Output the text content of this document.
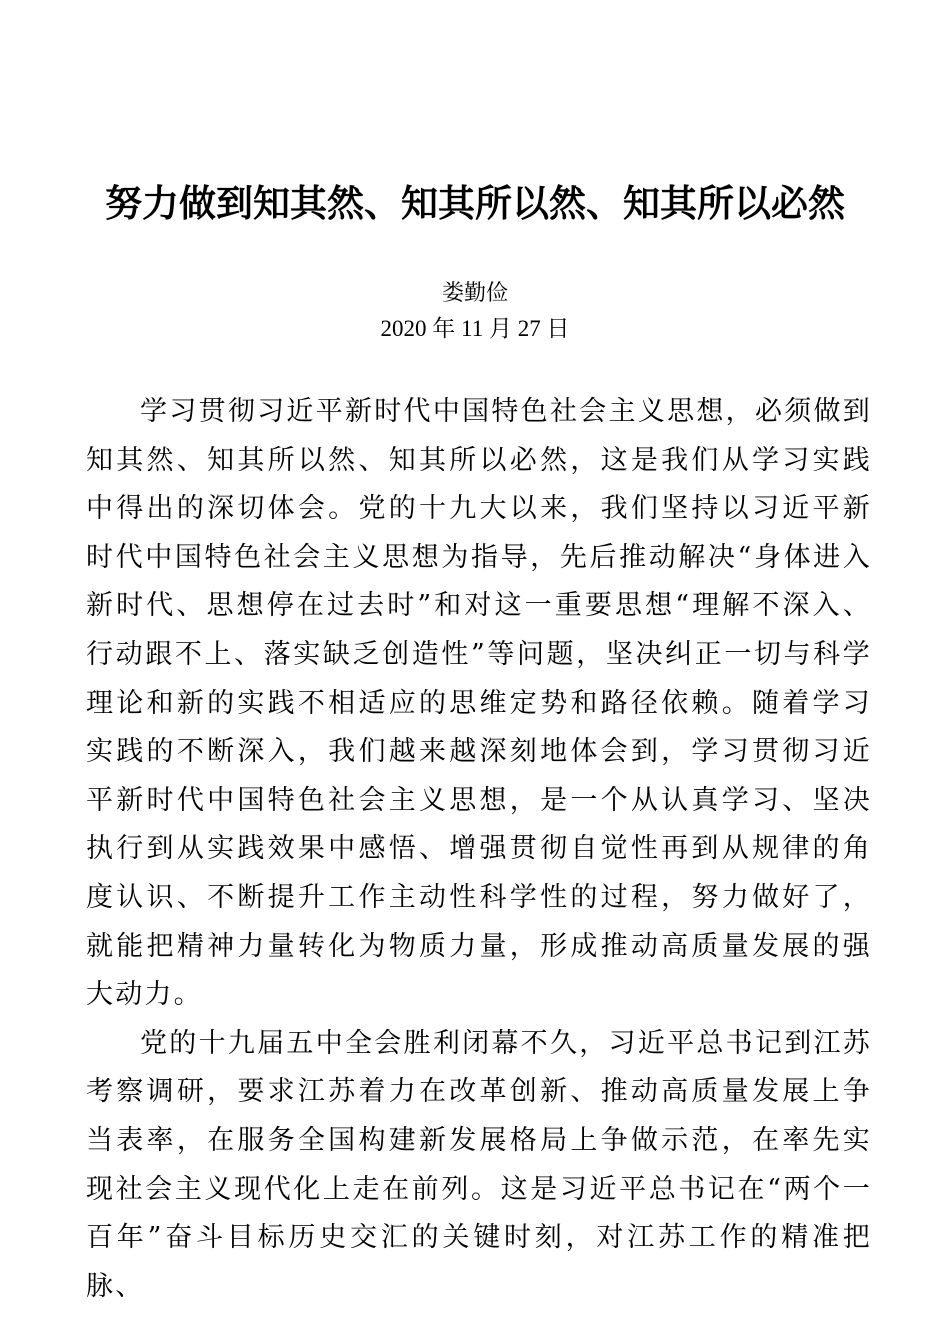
努力做到知其然、知其所以然、知其所以必然
娄勤俭
2020 年 11 月 27 日

学习贯彻习近平新时代中国特色社会主义思想，必须做到知其然、知其所以然、知其所以必然，这是我们从学习实践中得出的深切体会。党的十九大以来，我们坚持以习近平新时代中国特色社会主义思想为指导，先后推动解决“身体进入新时代、思想停在过去时”和对这一重要思想“理解不深入、行动跟不上、落实缺乏创造性”等问题，坚决纠正一切与科学理论和新的实践不相适应的思维定势和路径依赖。随着学习实践的不断深入，我们越来越深刻地体会到，学习贯彻习近平新时代中国特色社会主义思想，是一个从认真学习、坚决执行到从实践效果中感悟、增强贯彻自觉性再到从规律的角度认识、不断提升工作主动性科学性的过程，努力做好了，就能把精神力量转化为物质力量，形成推动高质量发展的强大动力。

党的十九届五中全会胜利闭幕不久，习近平总书记到江苏考察调研，要求江苏着力在改革创新、推动高质量发展上争当表率，在服务全国构建新发展格局上争做示范，在率先实现社会主义现代化上走在前列。这是习近平总书记在“两个一百年”奋斗目标历史交汇的关键时刻，对江苏工作的精准把脉、
